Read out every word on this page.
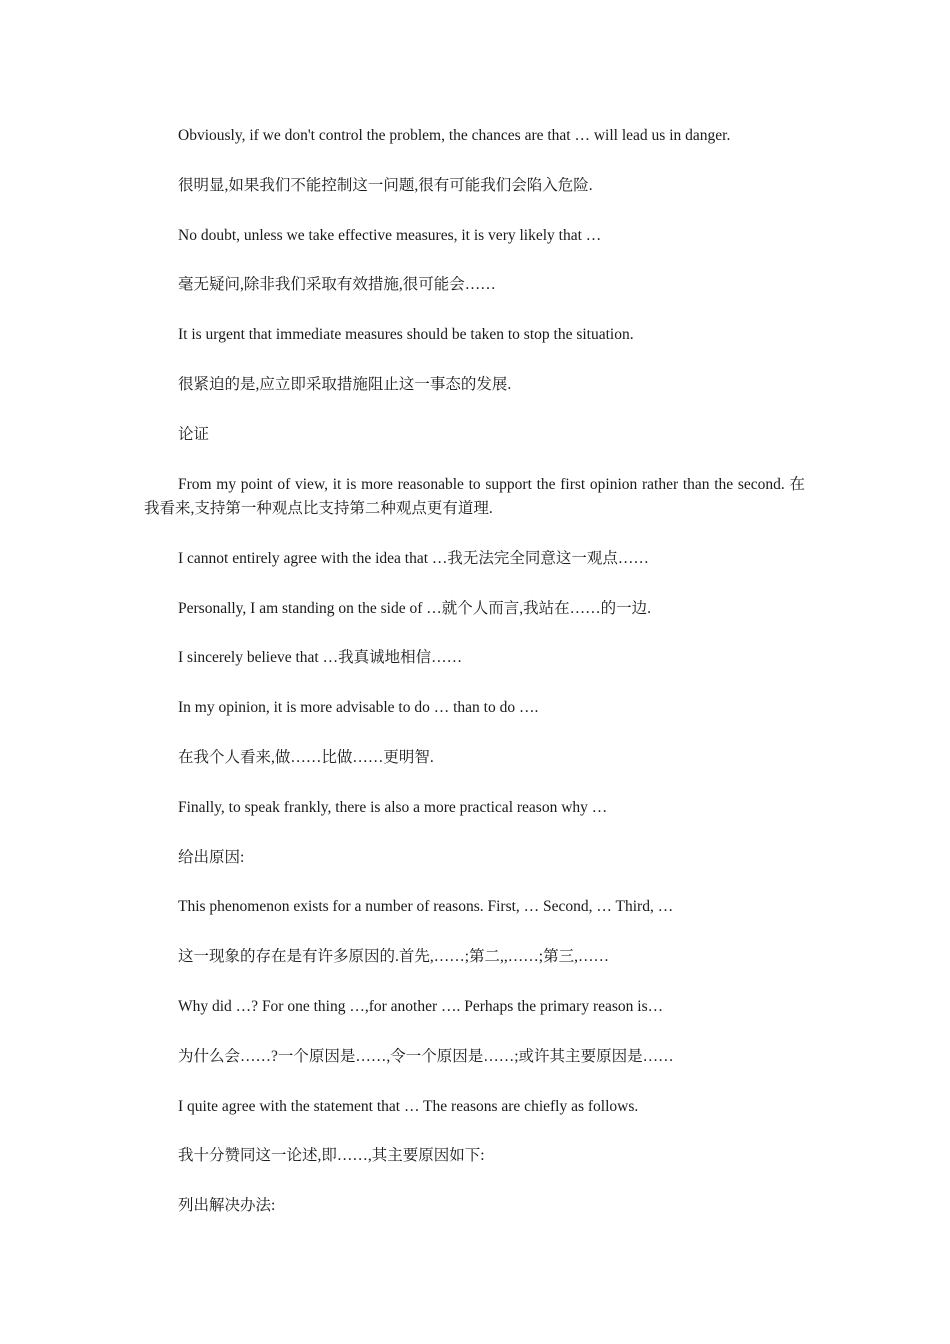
Obviously, if we don't control the problem, the chances are that … will lead us in danger.

很明显,如果我们不能控制这一问题,很有可能我们会陷入危险.

No doubt, unless we take effective measures, it is very likely that …

毫无疑问,除非我们采取有效措施,很可能会……

It is urgent that immediate measures should be taken to stop the situation.

很紧迫的是,应立即采取措施阻止这一事态的发展.

论证

From my point of view, it is more reasonable to support the first opinion rather than the second. 在我看来,支持第一种观点比支持第二种观点更有道理.

I cannot entirely agree with the idea that …我无法完全同意这一观点……

Personally, I am standing on the side of …就个人而言,我站在……的一边.

I sincerely believe that …我真诚地相信……

In my opinion, it is more advisable to do … than to do ….

在我个人看来,做……比做……更明智.

Finally, to speak frankly, there is also a more practical reason why …

给出原因:

This phenomenon exists for a number of reasons. First, … Second, … Third, …

这一现象的存在是有许多原因的.首先,……;第二,,……;第三,……

Why did …? For one thing …,for another …. Perhaps the primary reason is…

为什么会……?一个原因是……,令一个原因是……;或许其主要原因是……

I quite agree with the statement that … The reasons are chiefly as follows.

我十分赞同这一论述,即……,其主要原因如下:

列出解决办法:
